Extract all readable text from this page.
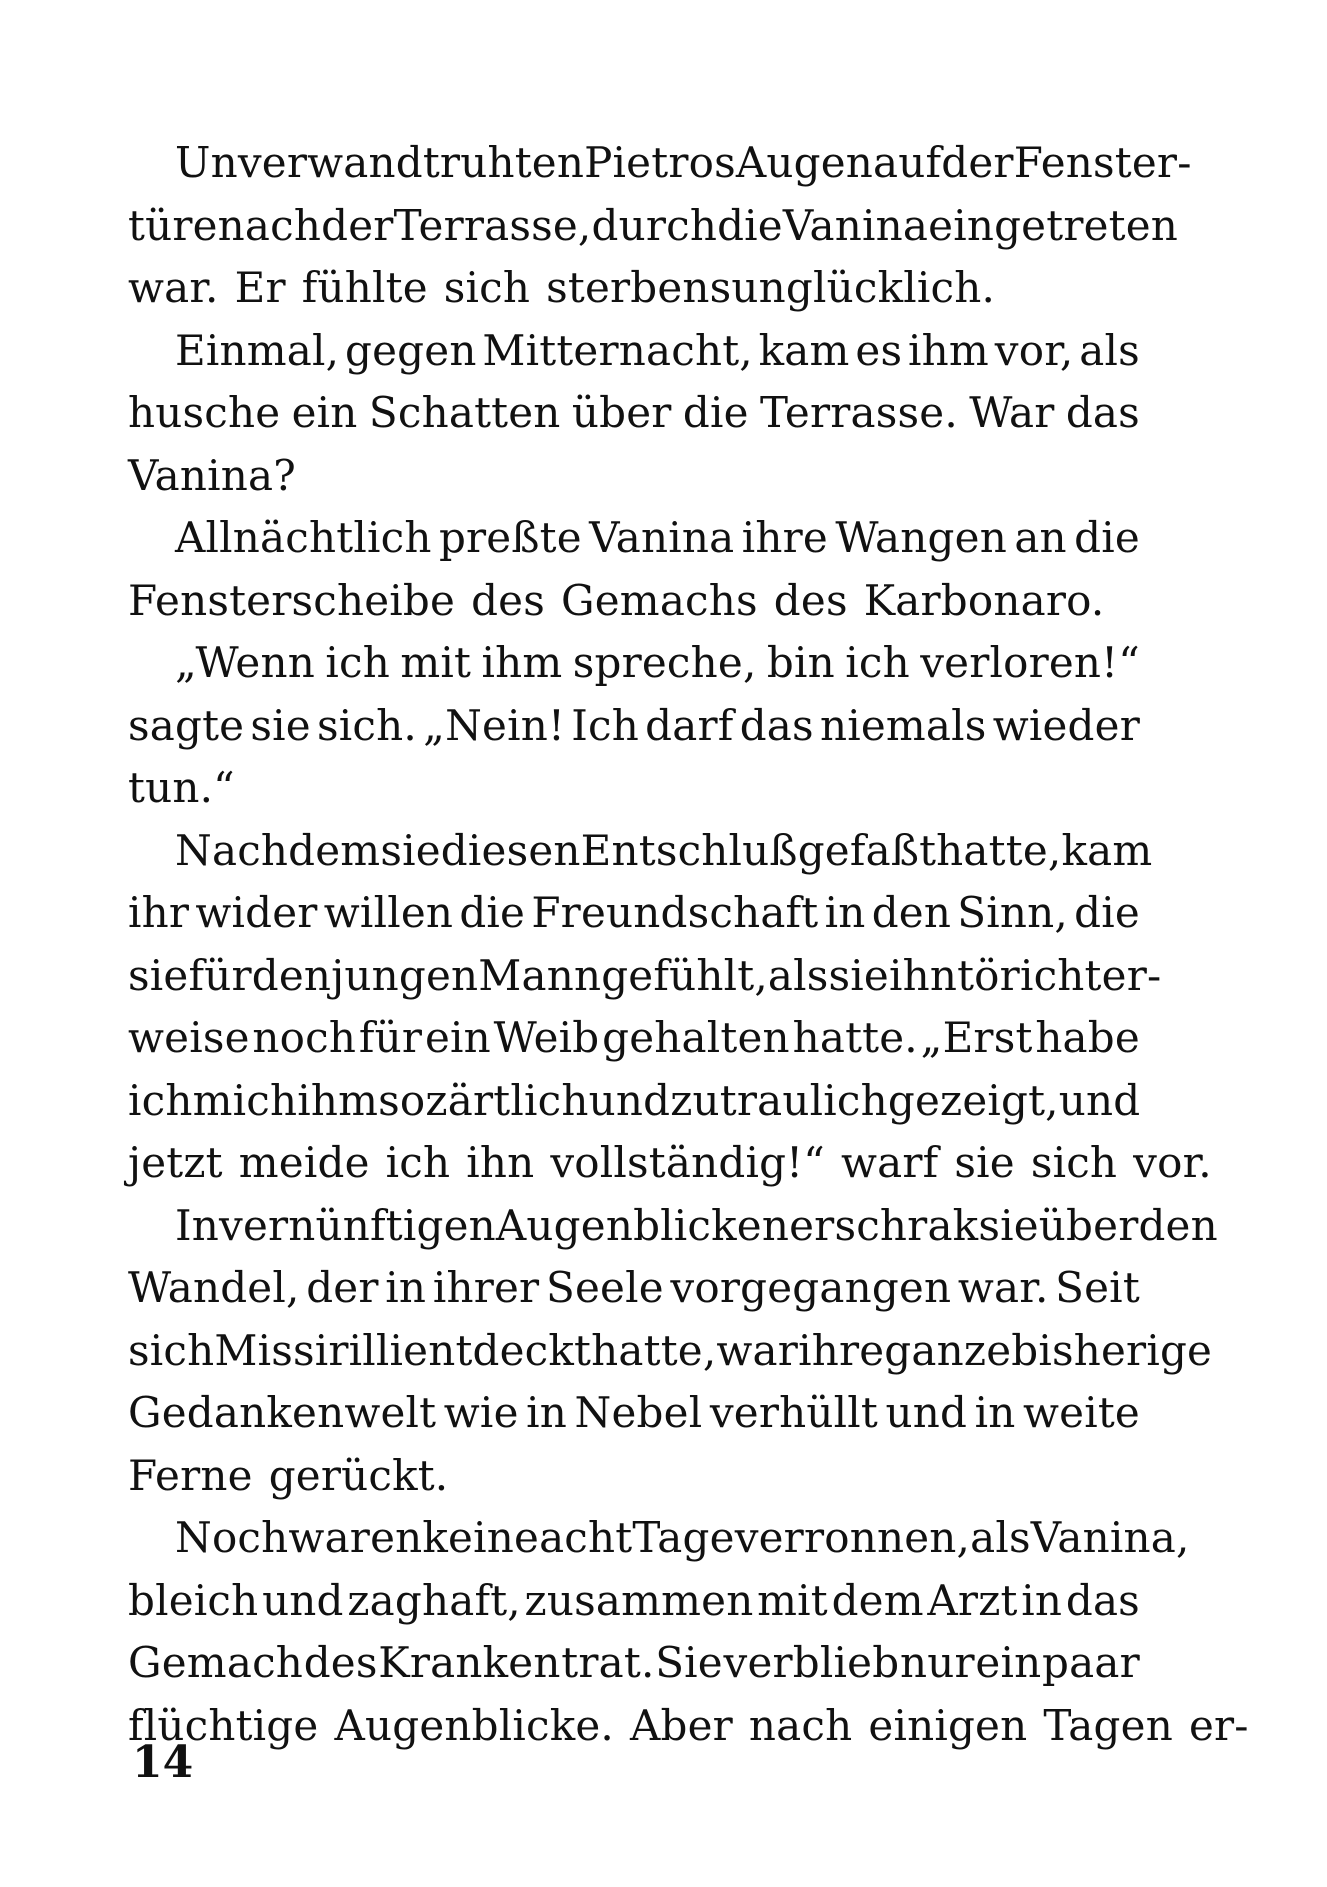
Unverwandt ruhten Pietros Augen auf der Fenster-
türe nach der Terrasse, durch die Vanina eingetreten
war. Er fühlte sich sterbensunglücklich.
Einmal, gegen Mitternacht, kam es ihm vor, als
husche ein Schatten über die Terrasse. War das
Vanina?
Allnächtlich preßte Vanina ihre Wangen an die
Fensterscheibe des Gemachs des Karbonaro.
„Wenn ich mit ihm spreche, bin ich verloren!“
sagte sie sich. „Nein! Ich darf das niemals wieder
tun.“
Nachdem sie diesen Entschluß gefaßt hatte, kam
ihr wider willen die Freundschaft in den Sinn, die
sie für den jungen Mann gefühlt, als sie ihn törichter-
weise noch für ein Weib gehalten hatte. „Erst habe
ich mich ihm so zärtlich und zutraulich gezeigt, und
jetzt meide ich ihn vollständig!“ warf sie sich vor.
In vernünftigen Augenblicken erschrak sie über den
Wandel, der in ihrer Seele vorgegangen war. Seit
sich Missirilli entdeckt hatte, war ihre ganze bisherige
Gedankenwelt wie in Nebel verhüllt und in weite
Ferne gerückt.
Noch waren keine acht Tage verronnen, als Vanina,
bleich und zaghaft, zusammen mit dem Arzt in das
Gemach des Kranken trat. Sie verblieb nur ein paar
flüchtige Augenblicke. Aber nach einigen Tagen er-
14
